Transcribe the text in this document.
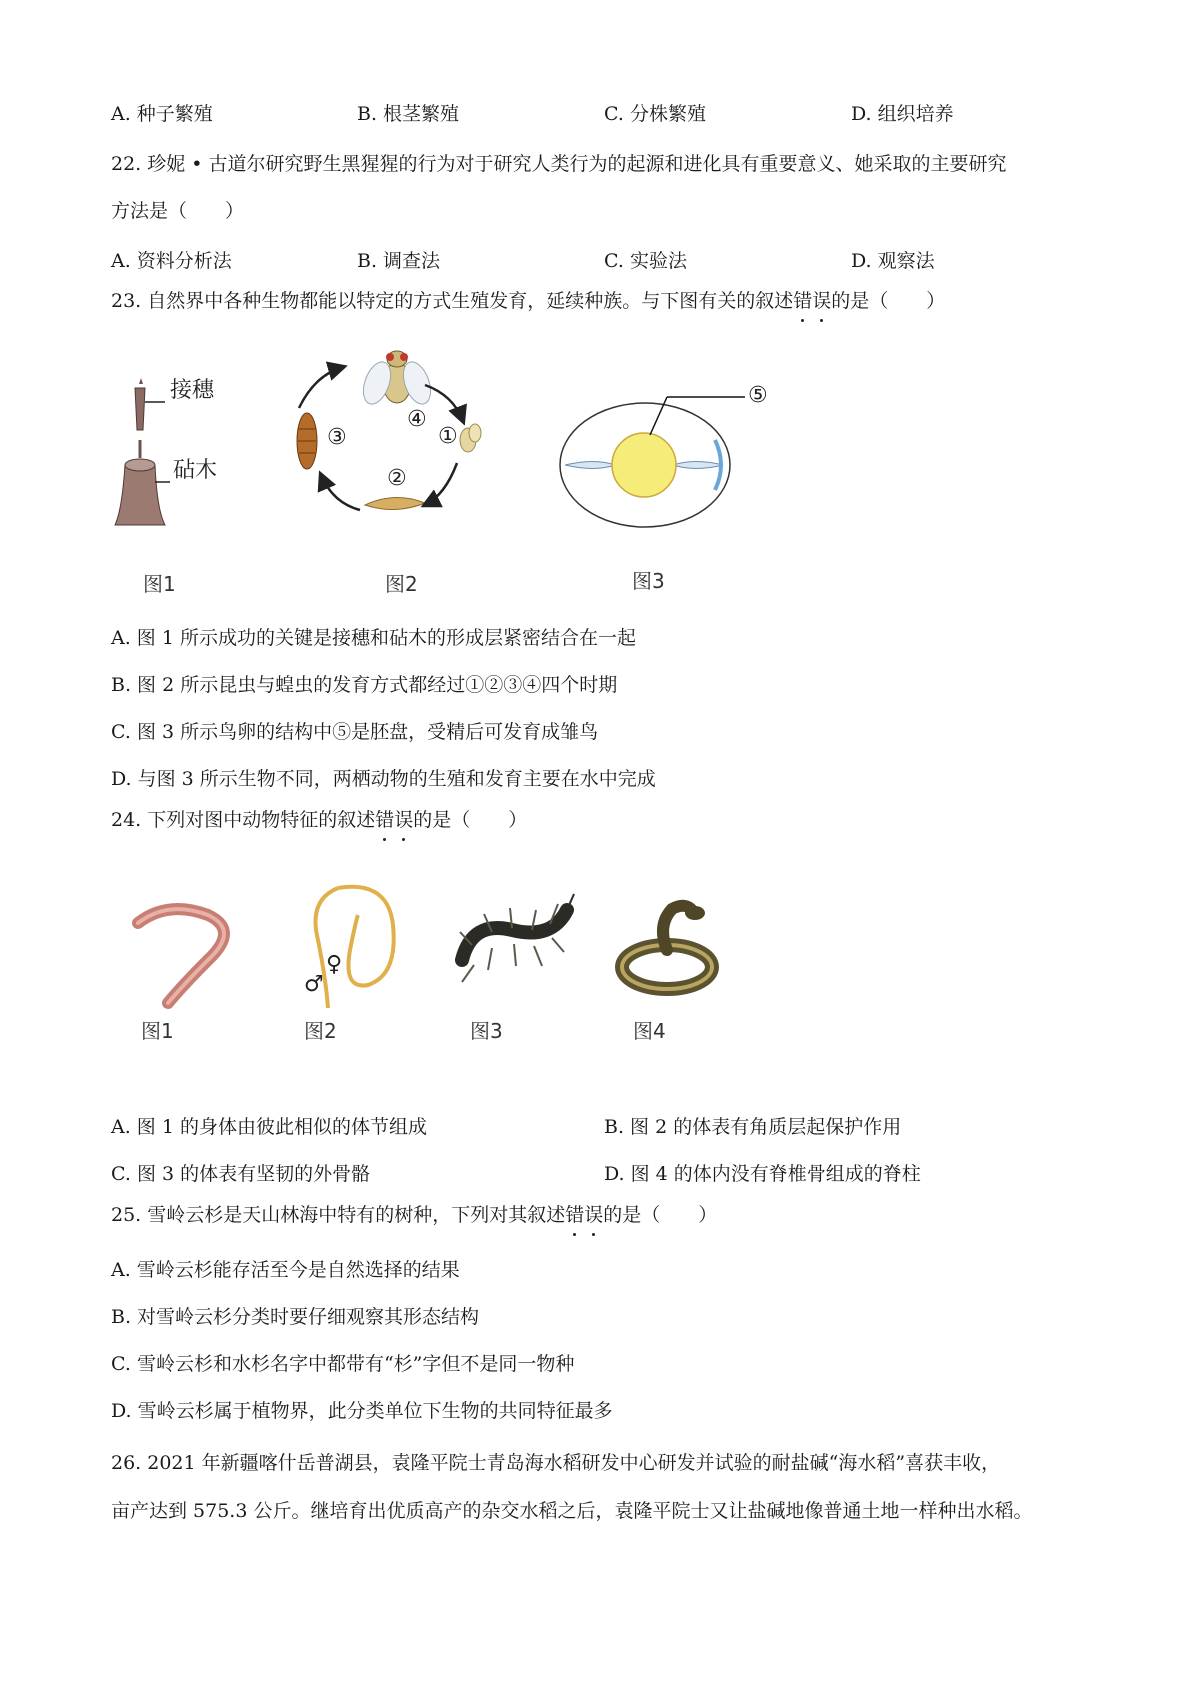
A. 种子繁殖	B. 根茎繁殖	C. 分株繁殖	D. 组织培养
22. 珍妮 • 古道尔研究野生黑猩猩的行为对于研究人类行为的起源和进化具有重要意义、她采取的主要研究
方法是（　　）
A. 资料分析法	B. 调查法	C. 实验法	D. 观察法
23. 自然界中各种生物都能以特定的方式生殖发育，延续种族。与下图有关的叙述错误的是（　　）
接穗
砧木
图1
④
①
②
③
图2
⑤
图3
A. 图 1 所示成功的关键是接穗和砧木的形成层紧密结合在一起
B. 图 2 所示昆虫与蝗虫的发育方式都经过①②③④四个时期
C. 图 3 所示鸟卵的结构中⑤是胚盘，受精后可发育成雏鸟
D. 与图 3 所示生物不同，两栖动物的生殖和发育主要在水中完成
24. 下列对图中动物特征的叙述错误的是（　　）
图1
♀
♂
图2	图3	图4
A. 图 1 的身体由彼此相似的体节组成	B. 图 2 的体表有角质层起保护作用
C. 图 3 的体表有坚韧的外骨骼	D. 图 4 的体内没有脊椎骨组成的脊柱
25. 雪岭云杉是天山林海中特有的树种，下列对其叙述错误的是（　　）
A. 雪岭云杉能存活至今是自然选择的结果
B. 对雪岭云杉分类时要仔细观察其形态结构
C. 雪岭云杉和水杉名字中都带有“杉”字但不是同一物种
D. 雪岭云杉属于植物界，此分类单位下生物的共同特征最多
26. 2021 年新疆喀什岳普湖县，袁隆平院士青岛海水稻研发中心研发并试验的耐盐碱“海水稻”喜获丰收，
亩产达到 575.3 公斤。继培育出优质高产的杂交水稻之后，袁隆平院士又让盐碱地像普通土地一样种出水稻。
